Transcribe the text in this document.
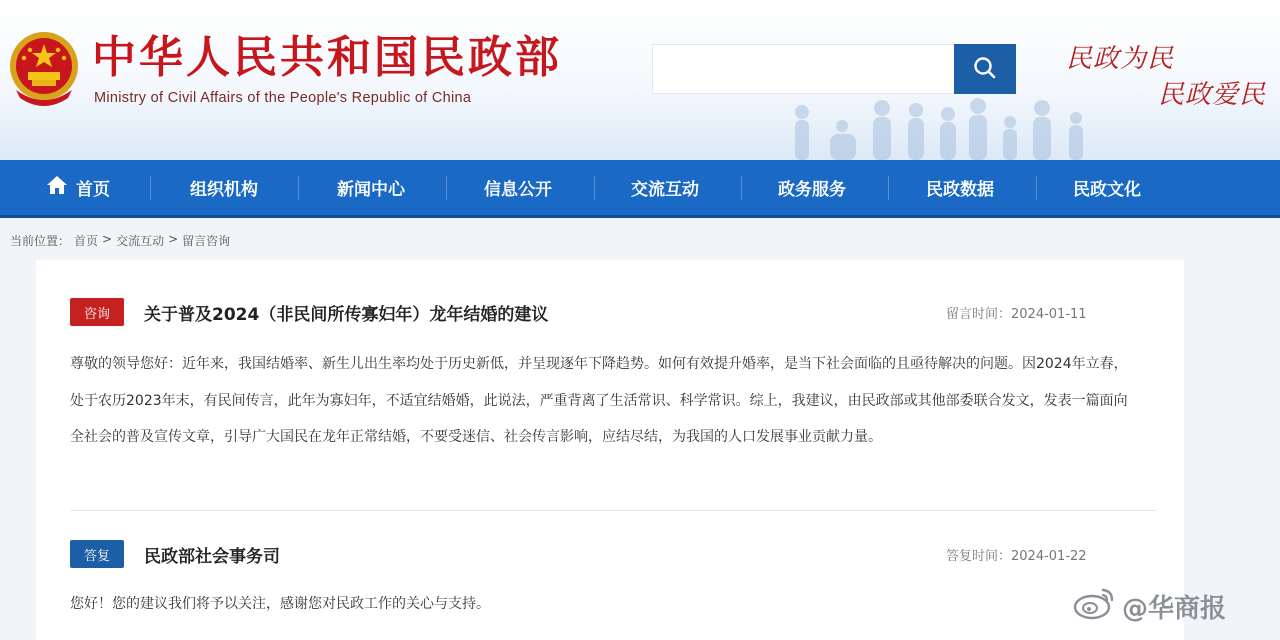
中华人民共和国民政部
Ministry of Civil Affairs of the People's Republic of China
民政为民
民政爱民
首页	组织机构	新闻中心	信息公开	交流互动	政务服务	民政数据	民政文化
当前位置： 首页 > 交流互动 > 留言咨询
咨询	关于普及2024（非民间所传寡妇年）龙年结婚的建议	留言时间：2024-01-11
尊敬的领导您好：近年来，我国结婚率、新生儿出生率均处于历史新低，并呈现逐年下降趋势。如何有效提升婚率，是当下社会面临的且亟待解决的问题。因2024年立春，处于农历2023年末，有民间传言，此年为寡妇年，不适宜结婚婚，此说法，严重背离了生活常识、科学常识。综上，我建议，由民政部或其他部委联合发文，发表一篇面向全社会的普及宣传文章，引导广大国民在龙年正常结婚，不要受迷信、社会传言影响，应结尽结，为我国的人口发展事业贡献力量。
答复	民政部社会事务司	答复时间：2024-01-22
您好！您的建议我们将予以关注，感谢您对民政工作的关心与支持。	@华商报
